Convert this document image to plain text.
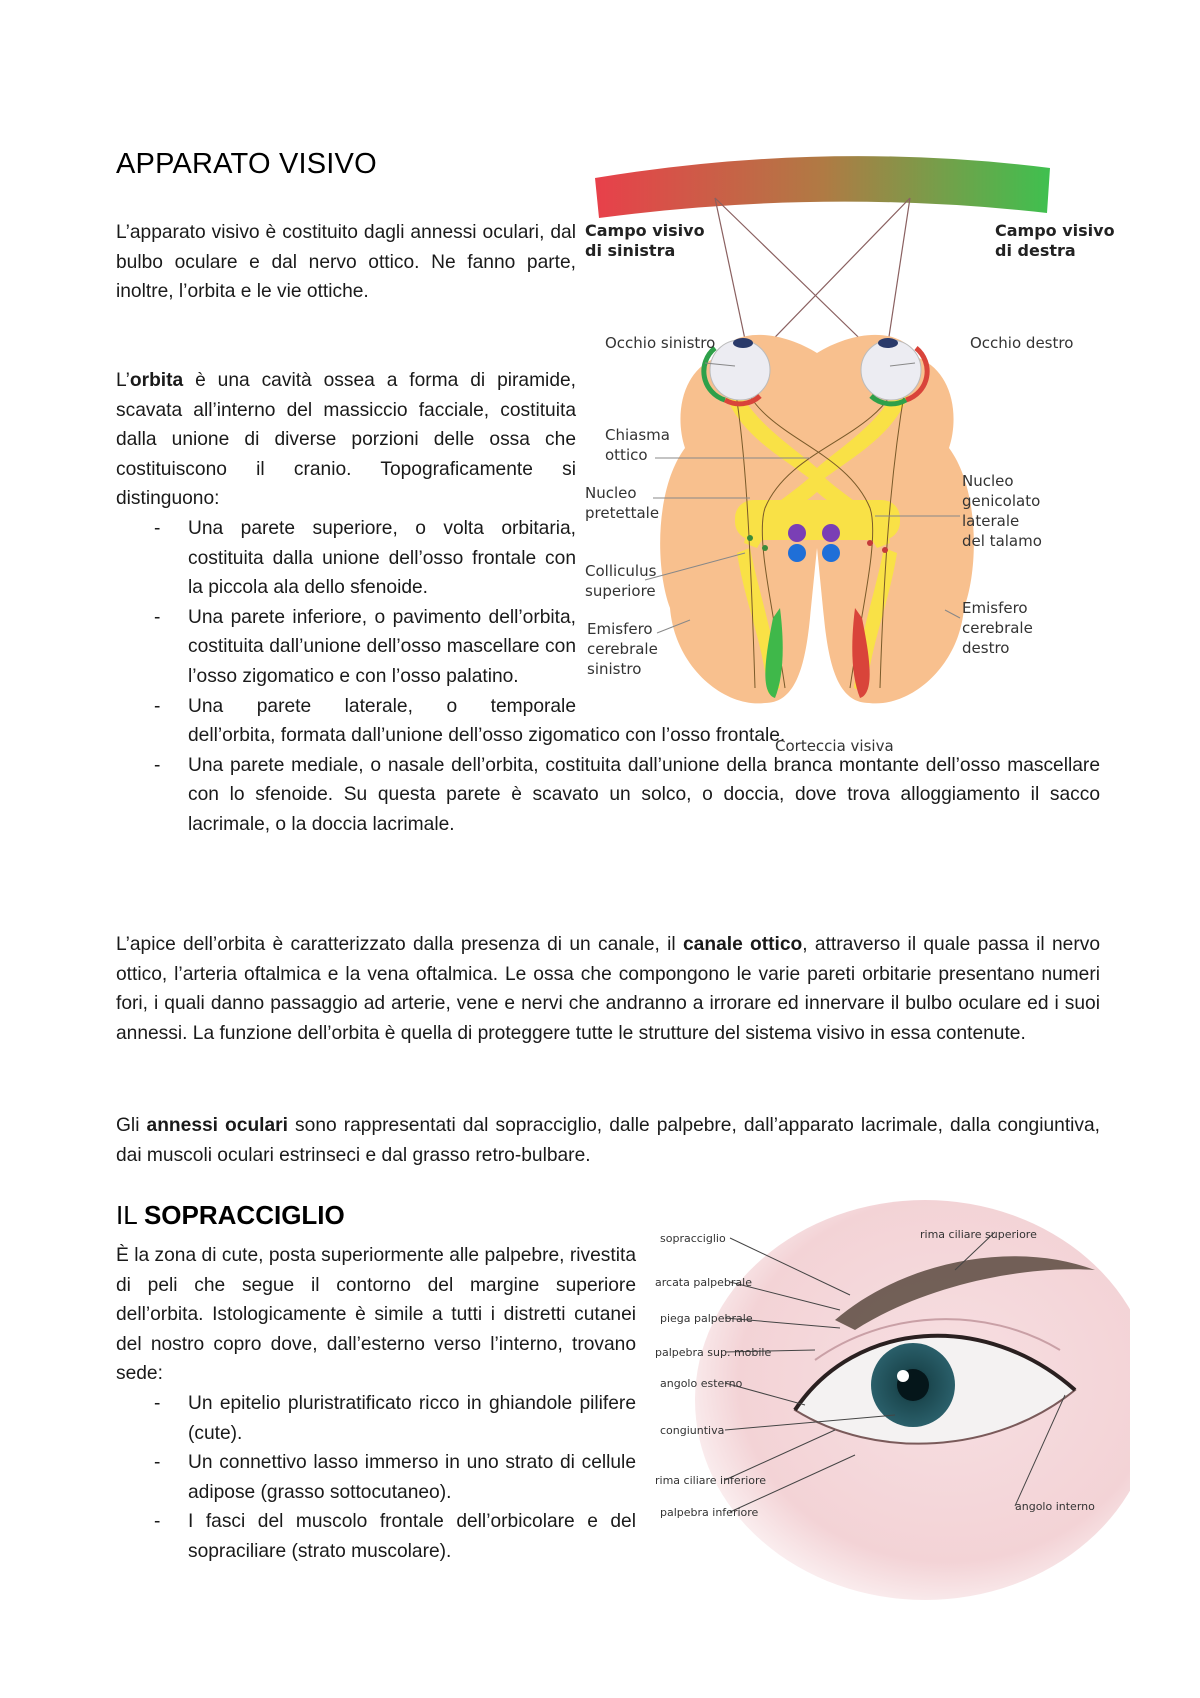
APPARATO VISIVO

L’apparato visivo è costituito dagli annessi oculari, dal bulbo oculare e dal nervo ottico. Ne fanno parte, inoltre, l’orbita e le vie ottiche.

L’orbita è una cavità ossea a forma di piramide, scavata all’interno del massiccio facciale, costituita dalla unione di diverse porzioni delle ossa che costituiscono il cranio. Topograficamente si distinguono:

- Una parete superiore, o volta orbitaria, costituita dalla unione dell’osso frontale con la piccola ala dello sfenoide.
- Una parete inferiore, o pavimento dell’orbita, costituita dall’unione dell’osso mascellare con l’osso zigomatico e con l’osso palatino.
- Una parete laterale, o temporale
dell’orbita, formata dall’unione dell’osso zigomatico con l’osso frontale.
- Una parete mediale, o nasale dell’orbita, costituita dall’unione della branca montante dell’osso mascellare con lo sfenoide. Su questa parete è scavato un solco, o doccia, dove trova alloggiamento il sacco lacrimale, o la doccia lacrimale.

L’apice dell’orbita è caratterizzato dalla presenza di un canale, il canale ottico, attraverso il quale passa il nervo ottico, l’arteria oftalmica e la vena oftalmica. Le ossa che compongono le varie pareti orbitarie presentano numeri fori, i quali danno passaggio ad arterie, vene e nervi che andranno a irrorare ed innervare il bulbo oculare ed i suoi annessi. La funzione dell’orbita è quella di proteggere tutte le strutture del sistema visivo in essa contenute.

Gli annessi oculari sono rappresentati dal sopracciglio, dalle palpebre, dall’apparato lacrimale, dalla congiuntiva, dai muscoli oculari estrinseci e dal grasso retro-bulbare.

IL SOPRACCIGLIO

È la zona di cute, posta superiormente alle palpebre, rivestita di peli che segue il contorno del margine superiore dell’orbita. Istologicamente è simile a tutti i distretti cutanei del nostro copro dove, dall’esterno verso l’interno, trovano sede:

- Un epitelio pluristratificato ricco in ghiandole pilifere (cute).
- Un connettivo lasso immerso in uno strato di cellule adipose (grasso sottocutaneo).
- I fasci del muscolo frontale dell’orbicolare e del sopraciliare (strato muscolare).
Campo visivo
di sinistra
Campo visivo
di destra
Occhio sinistro	Occhio destro
Chiasma
ottico
Nucleo
pretettale
Colliculus
superiore
Emisfero
cerebrale
sinistro
Nucleo
genicolato
laterale
del talamo
Emisfero
cerebrale
destro
Corteccia visiva
sopracciglio	rima ciliare superiore
arcata palpebrale
piega palpebrale
palpebra sup. mobile
angolo esterno
congiuntiva
rima ciliare inferiore
palpebra inferiore	angolo interno
